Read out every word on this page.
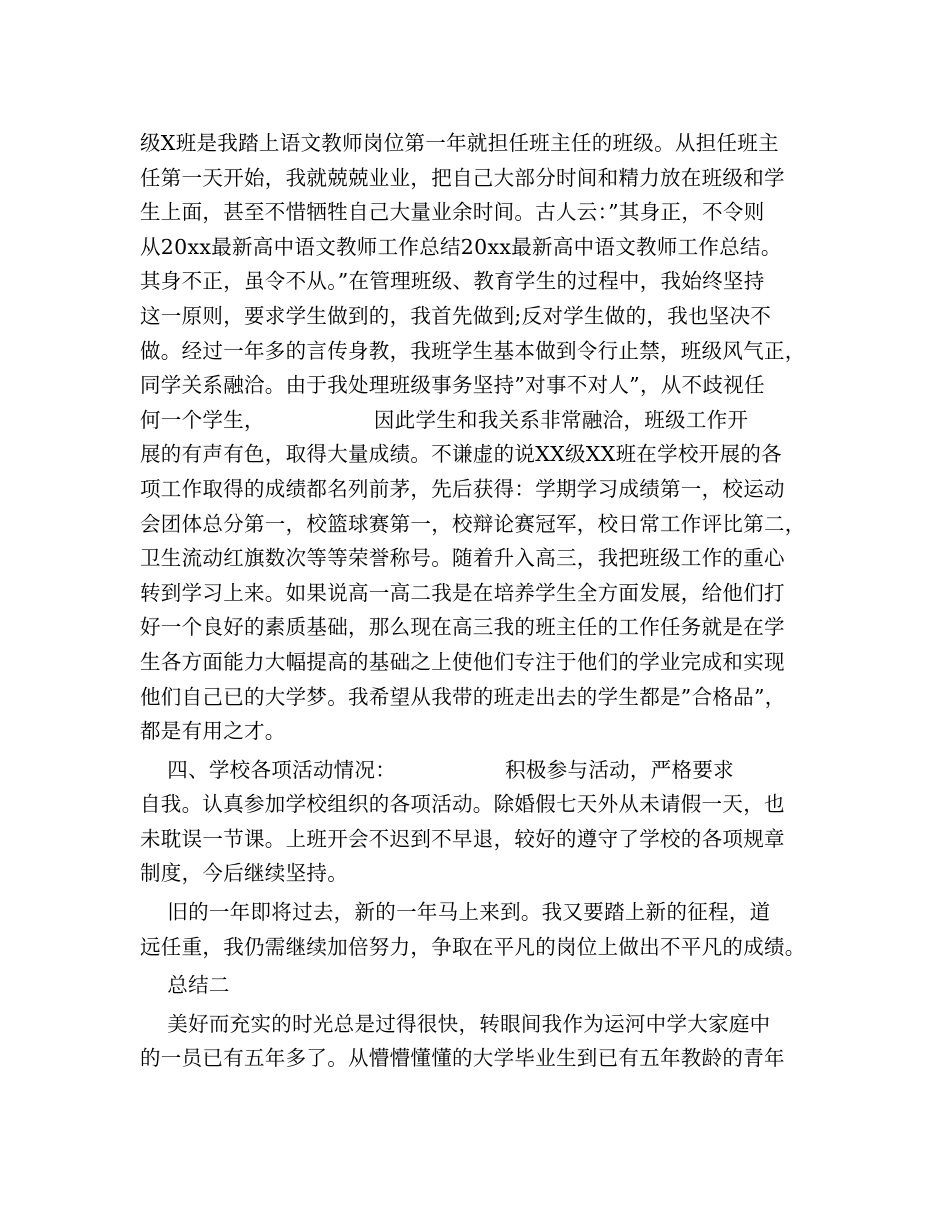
级X班是我踏上语文教师岗位第一年就担任班主任的班级。从担任班主
任第一天开始，我就兢兢业业，把自己大部分时间和精力放在班级和学
生上面，甚至不惜牺牲自己大量业余时间。古人云：”其身正，不令则
从20xx最新高中语文教师工作总结20xx最新高中语文教师工作总结。
其身不正，虽令不从。”在管理班级、教育学生的过程中，我始终坚持
这一原则，要求学生做到的，我首先做到;反对学生做的，我也坚决不
做。经过一年多的言传身教，我班学生基本做到令行止禁，班级风气正，
同学关系融洽。由于我处理班级事务坚持”对事不对人”，从不歧视任
何一个学生，                因此学生和我关系非常融洽，班级工作开
展的有声有色，取得大量成绩。不谦虚的说XX级XX班在学校开展的各
项工作取得的成绩都名列前茅，先后获得：学期学习成绩第一，校运动
会团体总分第一，校篮球赛第一，校辩论赛冠军，校日常工作评比第二，
卫生流动红旗数次等等荣誉称号。随着升入高三，我把班级工作的重心
转到学习上来。如果说高一高二我是在培养学生全方面发展，给他们打
好一个良好的素质基础，那么现在高三我的班主任的工作任务就是在学
生各方面能力大幅提高的基础之上使他们专注于他们的学业完成和实现
他们自己已的大学梦。我希望从我带的班走出去的学生都是”合格品”，
都是有用之才。
四、学校各项活动情况：                积极参与活动，严格要求
自我。认真参加学校组织的各项活动。除婚假七天外从未请假一天，也
未耽误一节课。上班开会不迟到不早退，较好的遵守了学校的各项规章
制度，今后继续坚持。
旧的一年即将过去，新的一年马上来到。我又要踏上新的征程，道
远任重，我仍需继续加倍努力，争取在平凡的岗位上做出不平凡的成绩。
总结二
美好而充实的时光总是过得很快，转眼间我作为运河中学大家庭中
的一员已有五年多了。从懵懵懂懂的大学毕业生到已有五年教龄的青年
